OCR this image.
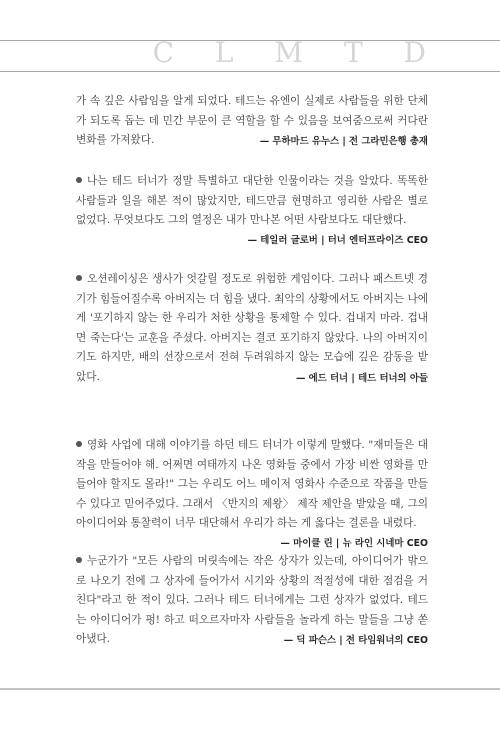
C L M T D

가 속 깊은 사람임을 알게 되었다. 테드는 유엔이 실제로 사람들을 위한 단체가 되도록 돕는 데 민간 부문이 큰 역할을 할 수 있음을 보여줌으로써 커다란 변화를 가져왔다.	— 무하마드 유누스 | 전 그라민은행 총재

나는 테드 터너가 정말 특별하고 대단한 인물이라는 것을 알았다. 똑똑한 사람들과 일을 해본 적이 많았지만, 테드만큼 현명하고 영리한 사람은 별로 없었다. 무엇보다도 그의 열정은 내가 만나본 어떤 사람보다도 대단했다.

— 테일러 글로버 | 터너 엔터프라이즈 CEO

오션레이싱은 생사가 엇갈릴 정도로 위험한 게임이다. 그러나 패스트넷 경기가 힘들어질수록 아버지는 더 힘을 냈다. 최악의 상황에서도 아버지는 나에게 '포기하지 않는 한 우리가 처한 상황을 통제할 수 있다. 겁내지 마라. 겁내면 죽는다'는 교훈을 주셨다. 아버지는 결코 포기하지 않았다. 나의 아버지이기도 하지만, 배의 선장으로서 전혀 두려워하지 않는 모습에 깊은 감동을 받았다.	— 에드 터너 | 테드 터너의 아들

영화 사업에 대해 이야기를 하던 테드 터너가 이렇게 말했다. "재미들은 대작을 만들어야 해. 어쩌면 여태까지 나온 영화들 중에서 가장 비싼 영화를 만들어야 할지도 몰라!" 그는 우리도 어느 메이저 영화사 수준으로 작품을 만들 수 있다고 믿어주었다. 그래서 〈반지의 제왕〉 제작 제안을 받았을 때, 그의 아이디어와 통찰력이 너무 대단해서 우리가 하는 게 옳다는 결론을 내렸다.

— 마이클 린 | 뉴 라인 시네마 CEO

누군가가 "모든 사람의 머릿속에는 작은 상자가 있는데, 아이디어가 밖으로 나오기 전에 그 상자에 들어가서 시기와 상황의 적절성에 대한 점검을 거친다"라고 한 적이 있다. 그러나 테드 터너에게는 그런 상자가 없었다. 테드는 아이디어가 펑! 하고 떠오르자마자 사람들을 놀라게 하는 말들을 그냥 쏟아냈다.	— 딕 파슨스 | 전 타임워너의 CEO
